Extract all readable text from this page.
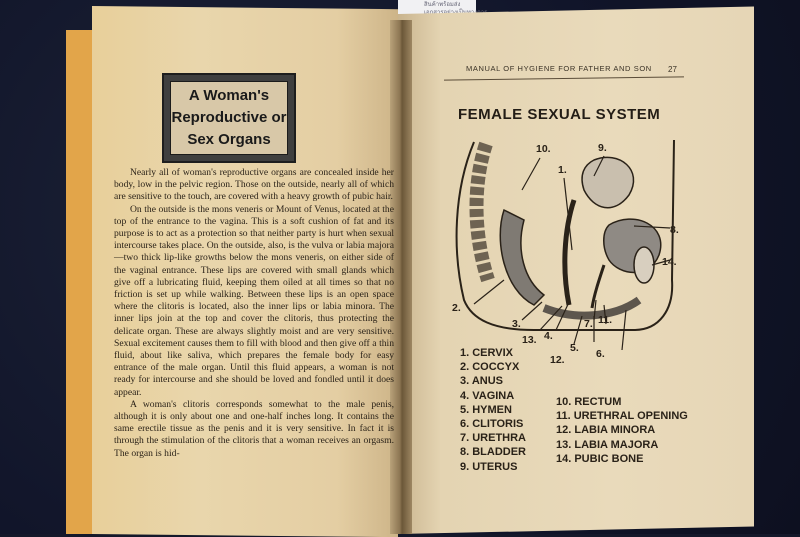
สินค้าพร้อมส่ง
A Woman's
Reproductive or
Sex Organs

Nearly all of woman's reproductive organs are concealed inside her body, low in the pelvic region. Those on the outside, nearly all of which are sensitive to the touch, are covered with a heavy growth of pubic hair.

On the outside is the mons veneris or Mount of Venus, located at the top of the entrance to the vagina. This is a soft cushion of fat and its purpose is to act as a protection so that neither party is hurt when sexual intercourse takes place. On the outside, also, is the vulva or labia majora—two thick lip-like growths below the mons veneris, on either side of the vaginal entrance. These lips are covered with small glands which give off a lubricating fluid, keeping them oiled at all times so that no friction is set up while walking. Between these lips is an open space where the clitoris is located, also the inner lips or labia minora. The inner lips join at the top and cover the clitoris, thus protecting the delicate organ. These are always slightly moist and are very sensitive. Sexual excitement causes them to fill with blood and then give off a thin fluid, about like saliva, which prepares the female body for easy entrance of the male organ. Until this fluid appears, a woman is not ready for intercourse and she should be loved and fondled until it does appear.

A woman's clitoris corresponds somewhat to the male penis, although it is only about one and one-half inches long. It contains the same erectile tissue as the penis and it is very sensitive. In fact it is through the stimulation of the clitoris that a woman receives an orgasm. The organ is hid-

MANUAL OF HYGIENE FOR FATHER AND SON 27
FEMALE SEXUAL SYSTEM
10.	9.
1.
8.
14.
2.
3.
13. 4.
7. 11.
12.
5. 6.
1. CERVIX
2. COCCYX
3. ANUS
4. VAGINA
5. HYMEN
6. CLITORIS
7. URETHRA
8. BLADDER
9. UTERUS
10. RECTUM
11. URETHRAL OPENING
12. LABIA MINORA
13. LABIA MAJORA
14. PUBIC BONE
